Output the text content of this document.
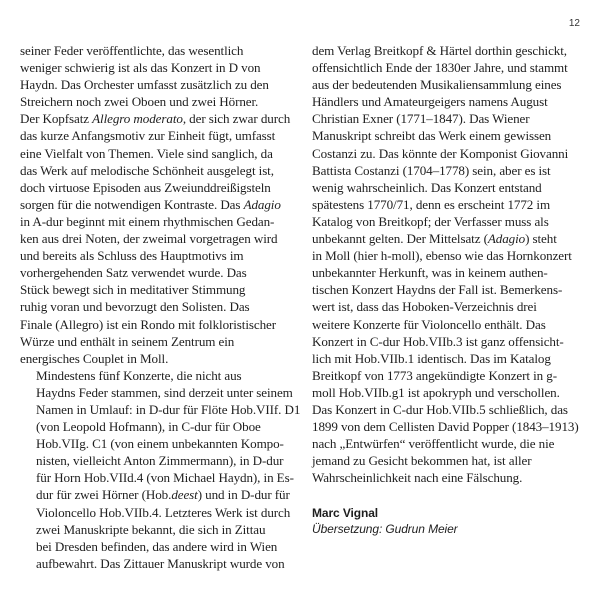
12

seiner Feder veröffentlichte, das wesentlich
weniger schwierig ist als das Konzert in D von
Haydn. Das Orchester umfasst zusätzlich zu den
Streichern noch zwei Oboen und zwei Hörner.
Der Kopfsatz Allegro moderato, der sich zwar durch
das kurze Anfangsmotiv zur Einheit fügt, umfasst
eine Vielfalt von Themen. Viele sind sanglich, da
das Werk auf melodische Schönheit ausgelegt ist,
doch virtuose Episoden aus Zweiunddreißigsteln
sorgen für die notwendigen Kontraste. Das Adagio
in A-dur beginnt mit einem rhythmischen Gedan-
ken aus drei Noten, der zweimal vorgetragen wird
und bereits als Schluss des Hauptmotivs im
vorhergehenden Satz verwendet wurde. Das
Stück bewegt sich in meditativer Stimmung
ruhig voran und bevorzugt den Solisten. Das
Finale (Allegro) ist ein Rondo mit folkloristischer
Würze und enthält in seinem Zentrum ein
energisches Couplet in Moll.

Mindestens fünf Konzerte, die nicht aus
Haydns Feder stammen, sind derzeit unter seinem
Namen in Umlauf: in D-dur für Flöte Hob.VIIf. D1
(von Leopold Hofmann), in C-dur für Oboe
Hob.VIIg. C1 (von einem unbekannten Kompo-
nisten, vielleicht Anton Zimmermann), in D-dur
für Horn Hob.VIId.4 (von Michael Haydn), in Es-
dur für zwei Hörner (Hob.deest) und in D-dur für
Violoncello Hob.VIIb.4. Letzteres Werk ist durch
zwei Manuskripte bekannt, die sich in Zittau
bei Dresden befinden, das andere wird in Wien
aufbewahrt. Das Zittauer Manuskript wurde von

dem Verlag Breitkopf & Härtel dorthin geschickt,
offensichtlich Ende der 1830er Jahre, und stammt
aus der bedeutenden Musikaliensammlung eines
Händlers und Amateurgeigers namens August
Christian Exner (1771–1847). Das Wiener
Manuskript schreibt das Werk einem gewissen
Costanzi zu. Das könnte der Komponist Giovanni
Battista Costanzi (1704–1778) sein, aber es ist
wenig wahrscheinlich. Das Konzert entstand
spätestens 1770/71, denn es erscheint 1772 im
Katalog von Breitkopf; der Verfasser muss als
unbekannt gelten. Der Mittelsatz (Adagio) steht
in Moll (hier h-moll), ebenso wie das Hornkonzert
unbekannter Herkunft, was in keinem authen-
tischen Konzert Haydns der Fall ist. Bemerkens-
wert ist, dass das Hoboken-Verzeichnis drei
weitere Konzerte für Violoncello enthält. Das
Konzert in C-dur Hob.VIIb.3 ist ganz offensicht-
lich mit Hob.VIIb.1 identisch. Das im Katalog
Breitkopf von 1773 angekündigte Konzert in g-
moll Hob.VIIb.g1 ist apokryph und verschollen.
Das Konzert in C-dur Hob.VIIb.5 schließlich, das
1899 von dem Cellisten David Popper (1843–1913)
nach „Entwürfen“ veröffentlicht wurde, die nie
jemand zu Gesicht bekommen hat, ist aller
Wahrscheinlichkeit nach eine Fälschung.

Marc Vignal
Übersetzung: Gudrun Meier
